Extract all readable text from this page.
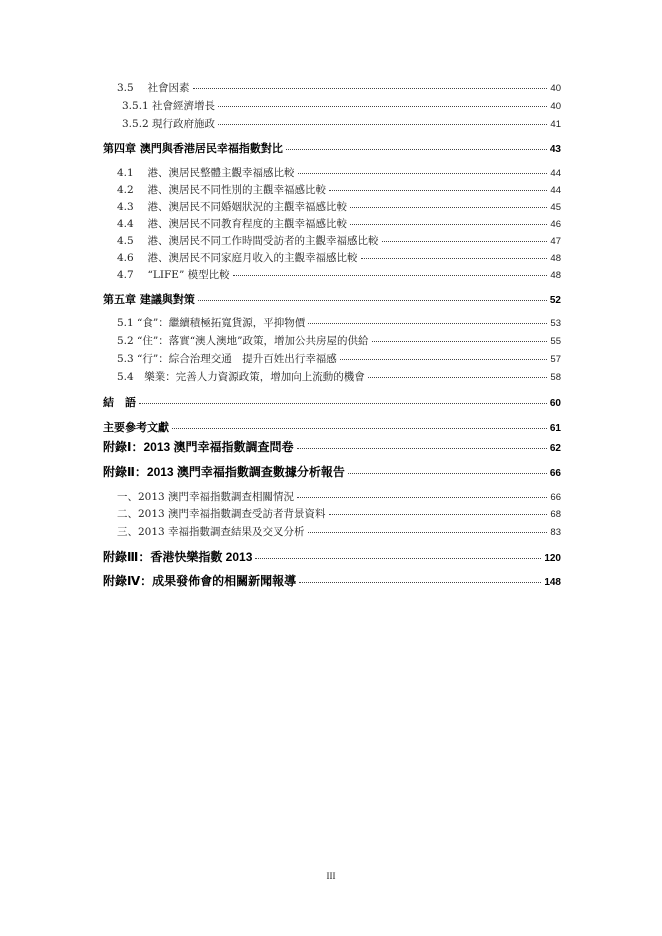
3.5　 社會因素	40
3.5.1 社會經濟增長	40
3.5.2 現行政府施政	41
第四章 澳門與香港居民幸福指數對比	43
4.1　 港、澳居民整體主觀幸福感比較	44
4.2　 港、澳居民不同性別的主觀幸福感比較	44
4.3　 港、澳居民不同婚姻狀況的主觀幸福感比較	45
4.4　 港、澳居民不同教育程度的主觀幸福感比較	46
4.5　 港、澳居民不同工作時間受訪者的主觀幸福感比較	47
4.6　 港、澳居民不同家庭月收入的主觀幸福感比較	48
4.7　 “LIFE” 模型比較	48
第五章 建議與對策	52
5.1 “食”：繼續積極拓寬貨源，平抑物價	53
5.2 “住”：落實“澳人澳地”政策，增加公共房屋的供給	55
5.3 “行”：綜合治理交通　提升百姓出行幸福感	57
5.4　樂業：完善人力資源政策，增加向上流動的機會	58
結　語	60
主要參考文獻	61
附錄Ⅰ：2013 澳門幸福指數調查問卷	62
附錄Ⅱ：2013 澳門幸福指數調查數據分析報告	66
一、2013 澳門幸福指數調查相關情況	66
二、2013 澳門幸福指數調查受訪者背景資料	68
三、2013 幸福指數調查結果及交叉分析	83
附錄Ⅲ：香港快樂指數 2013	120
附錄Ⅳ：成果發佈會的相關新聞報導	148
III
